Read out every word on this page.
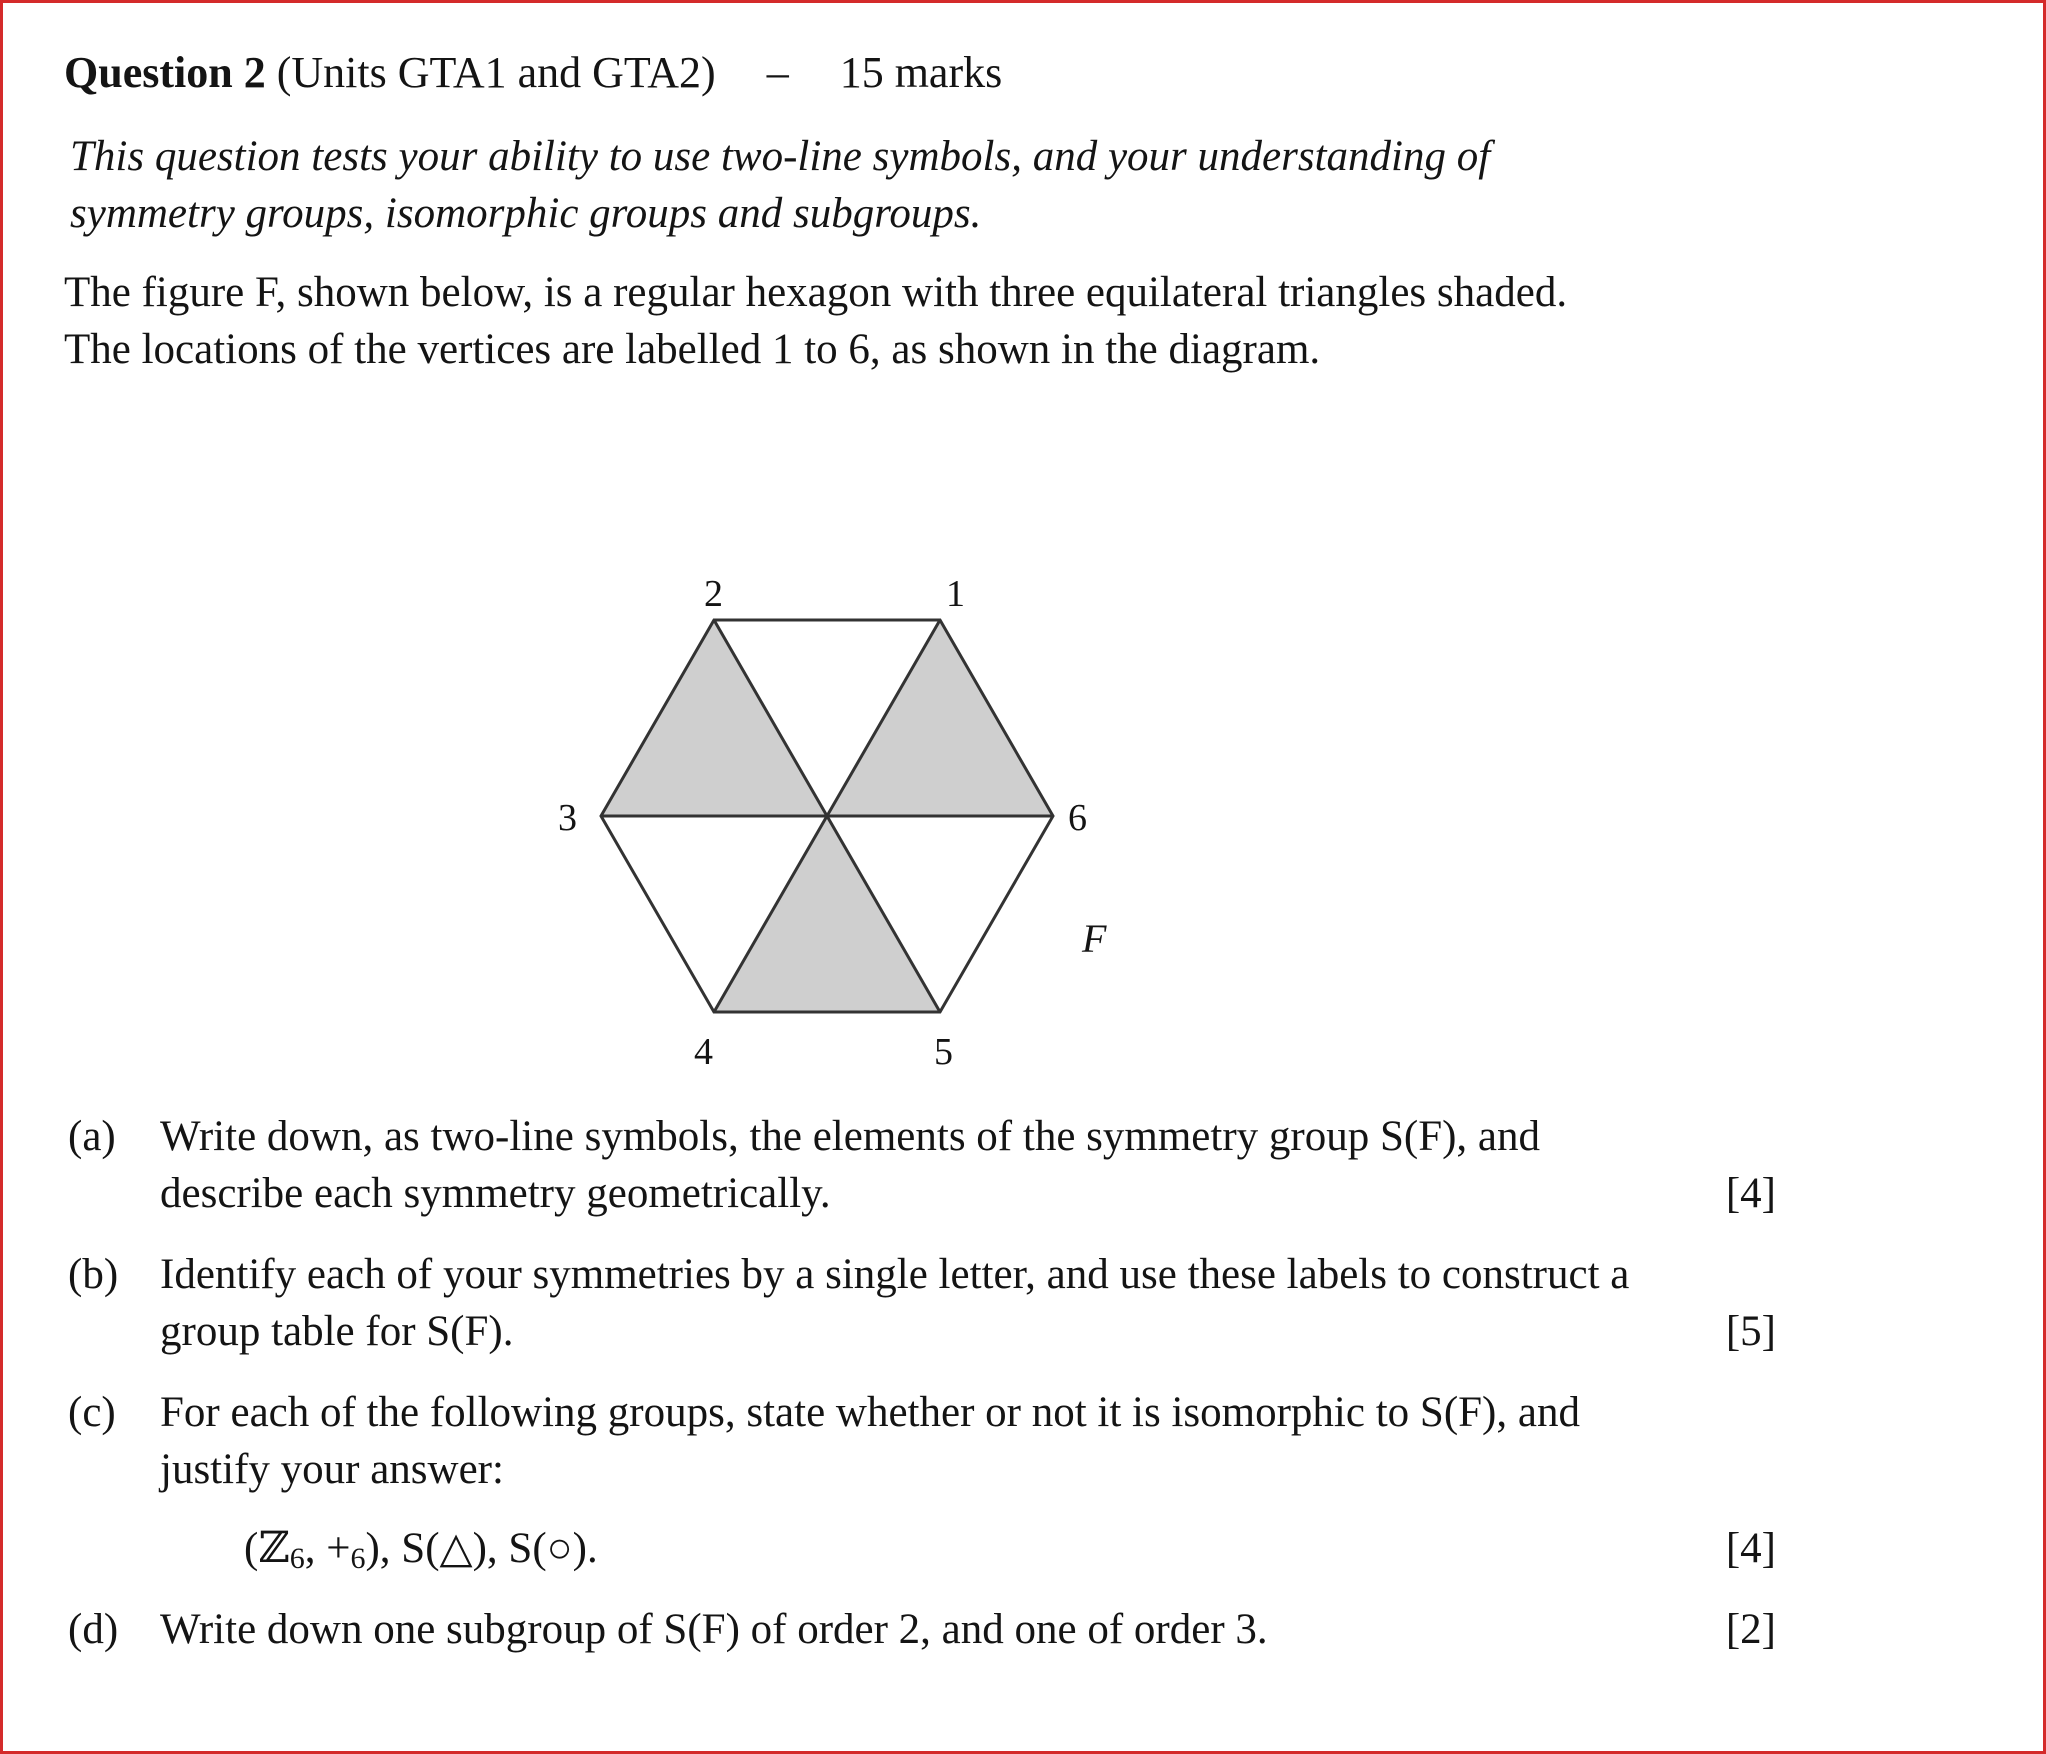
Question 2 (Units GTA1 and GTA2) – 15 marks

This question tests your ability to use two-line symbols, and your understanding of symmetry groups, isomorphic groups and subgroups.

The figure F, shown below, is a regular hexagon with three equilateral triangles shaded. The locations of the vertices are labelled 1 to 6, as shown in the diagram.

1
2
3
4	5
6
F
(a) Write down, as two-line symbols, the elements of the symmetry group S(F), and describe each symmetry geometrically.	[4]
(b) Identify each of your symmetries by a single letter, and use these labels to construct a group table for S(F).	[5]
(c) For each of the following groups, state whether or not it is isomorphic to S(F), and justify your answer:
(ℤ$_6$, $+_6$), S(△), S(○).	[4]
(d) Write down one subgroup of S(F) of order 2, and one of order 3.	[2]
